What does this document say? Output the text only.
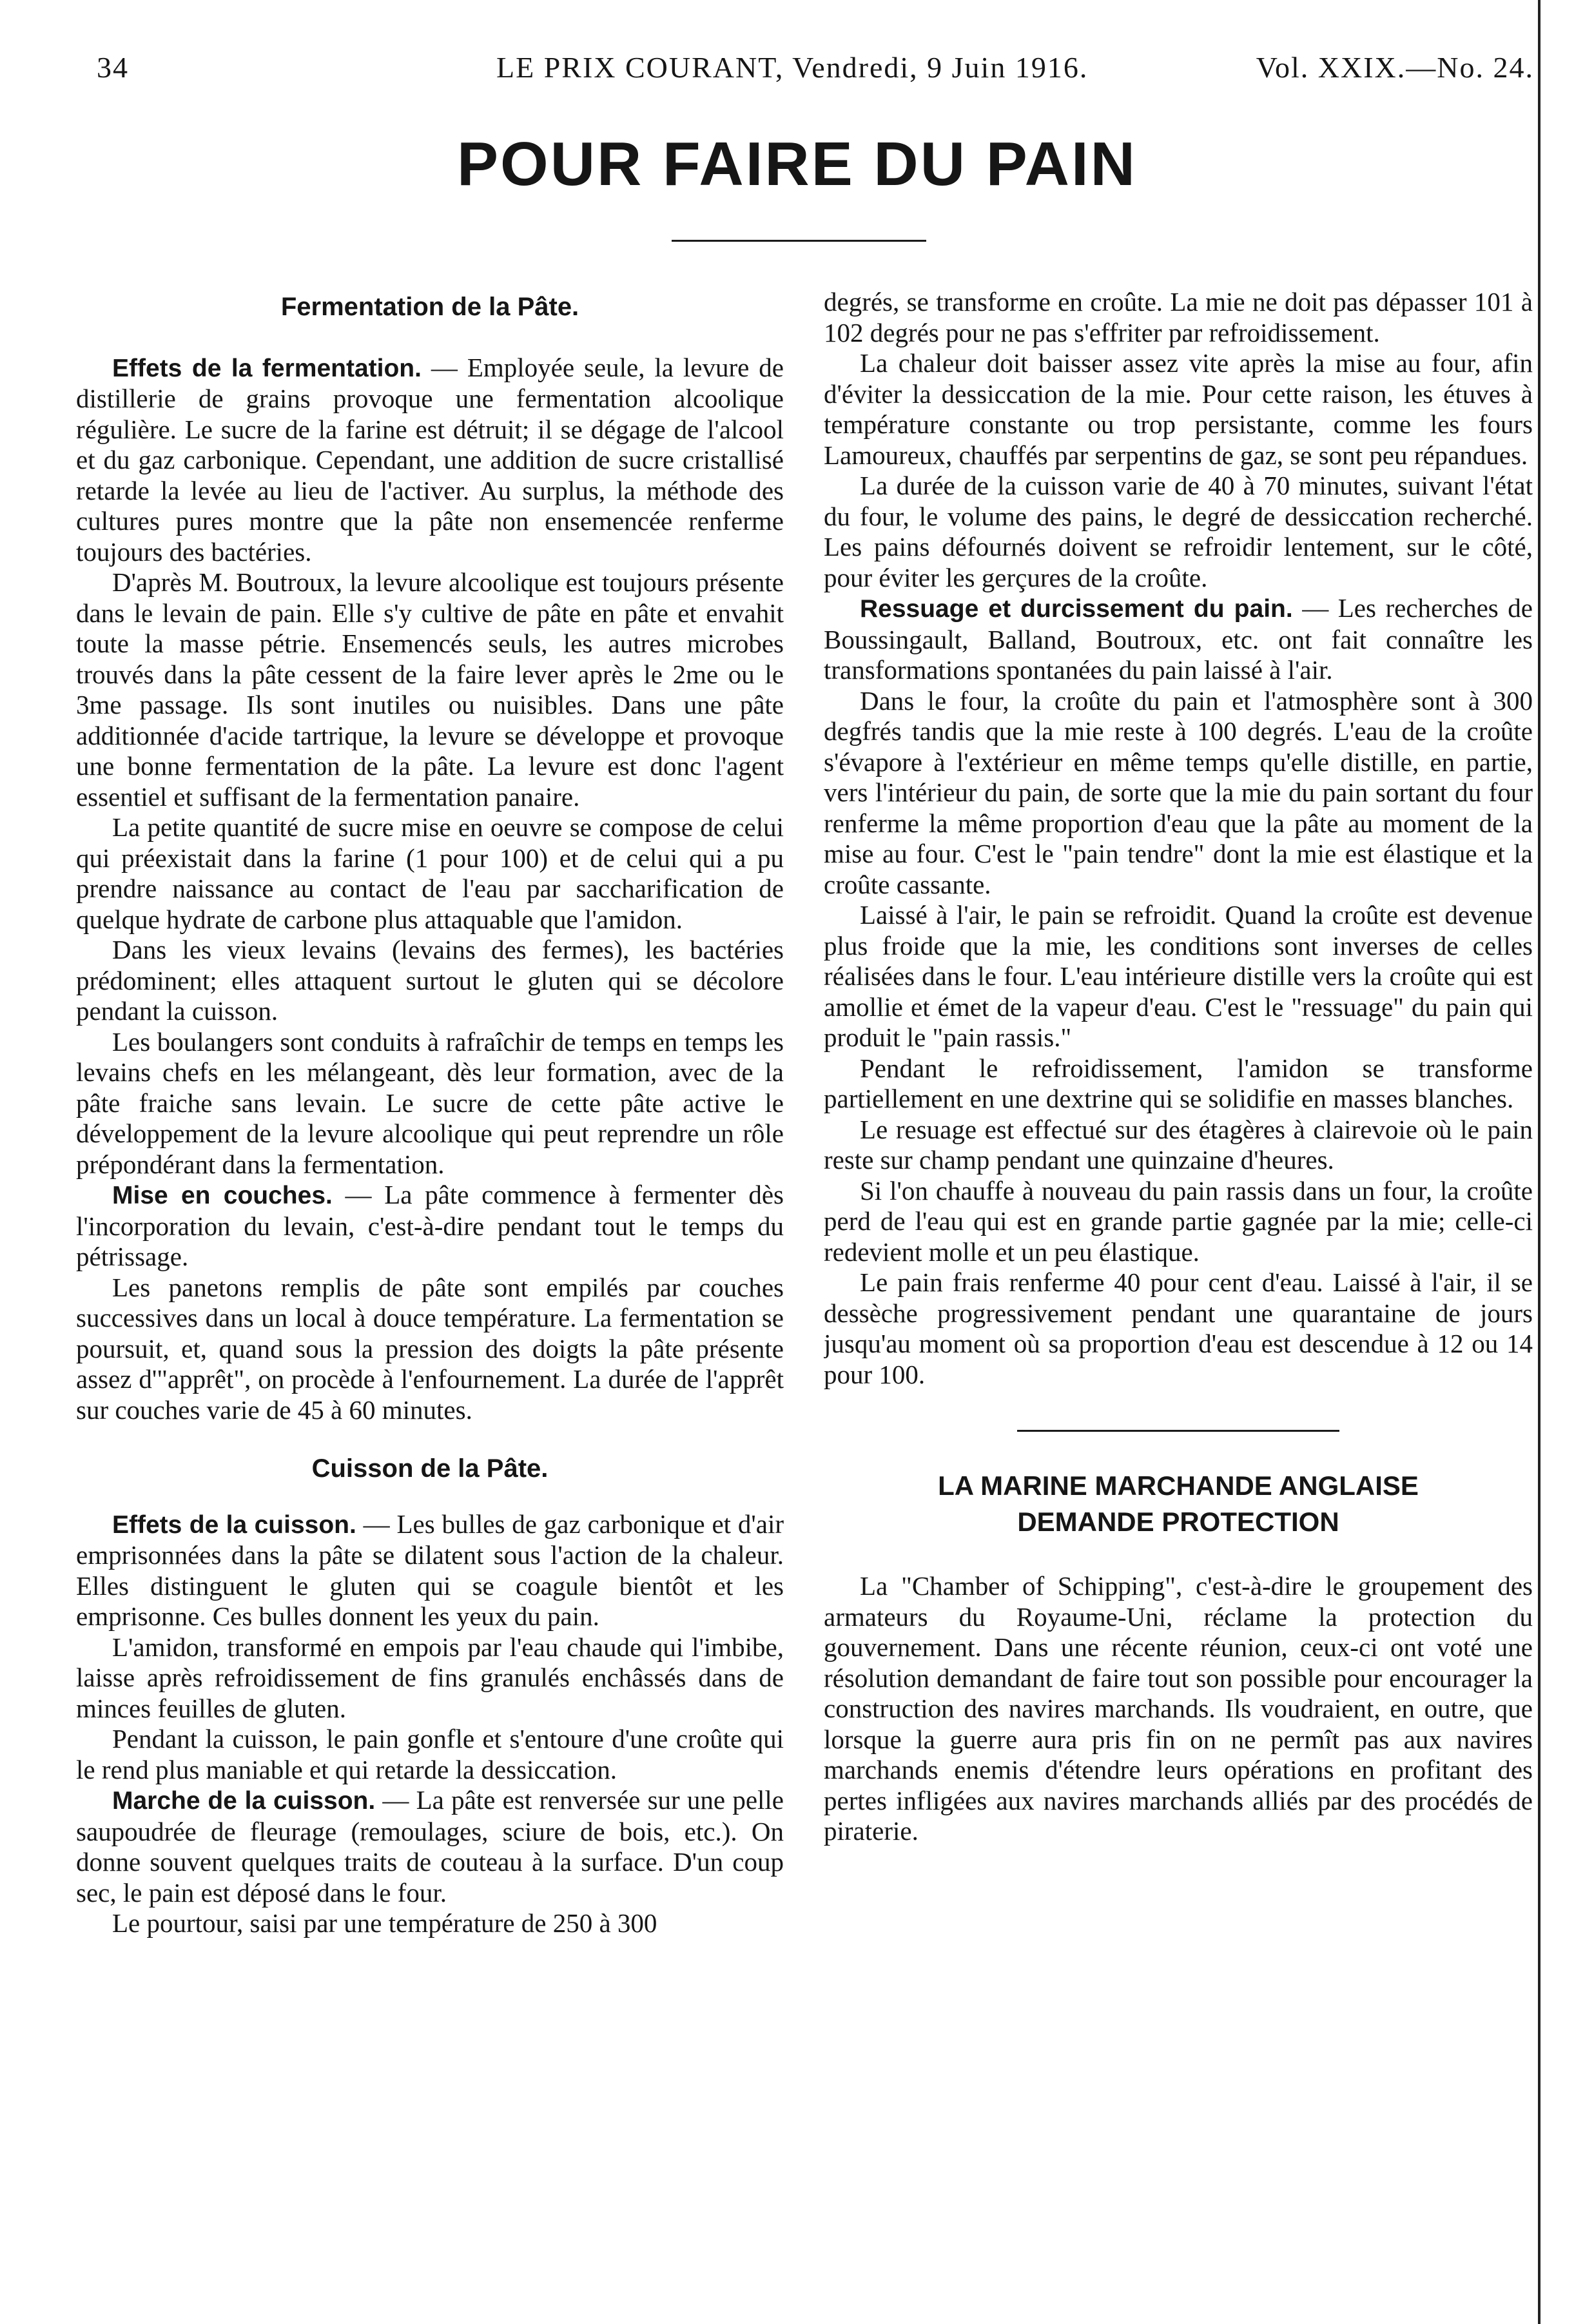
34	LE PRIX COURANT, Vendredi, 9 Juin 1916.	Vol. XXIX.—No. 24.
POUR FAIRE DU PAIN
Fermentation de la Pâte.

Effets de la fermentation. — Employée seule, la levure de distillerie de grains provoque une fermentation alcoolique régulière. Le sucre de la farine est détruit; il se dégage de l'alcool et du gaz carbonique. Cependant, une addition de sucre cristallisé retarde la levée au lieu de l'activer. Au surplus, la méthode des cultures pures montre que la pâte non ensemencée renferme toujours des bactéries.

D'après M. Boutroux, la levure alcoolique est toujours présente dans le levain de pain. Elle s'y cultive de pâte en pâte et envahit toute la masse pétrie. Ensemencés seuls, les autres microbes trouvés dans la pâte cessent de la faire lever après le 2me ou le 3me passage. Ils sont inutiles ou nuisibles. Dans une pâte additionnée d'acide tartrique, la levure se développe et provoque une bonne fermentation de la pâte. La levure est donc l'agent essentiel et suffisant de la fermentation panaire.

La petite quantité de sucre mise en oeuvre se compose de celui qui préexistait dans la farine (1 pour 100) et de celui qui a pu prendre naissance au contact de l'eau par saccharification de quelque hydrate de carbone plus attaquable que l'amidon.

Dans les vieux levains (levains des fermes), les bactéries prédominent; elles attaquent surtout le gluten qui se décolore pendant la cuisson.

Les boulangers sont conduits à rafraîchir de temps en temps les levains chefs en les mélangeant, dès leur formation, avec de la pâte fraiche sans levain. Le sucre de cette pâte active le développement de la levure alcoolique qui peut reprendre un rôle prépondérant dans la fermentation.

Mise en couches. — La pâte commence à fermenter dès l'incorporation du levain, c'est-à-dire pendant tout le temps du pétrissage.

Les panetons remplis de pâte sont empilés par couches successives dans un local à douce température. La fermentation se poursuit, et, quand sous la pression des doigts la pâte présente assez d'"apprêt", on procède à l'enfournement. La durée de l'apprêt sur couches varie de 45 à 60 minutes.

Cuisson de la Pâte.

Effets de la cuisson. — Les bulles de gaz carbonique et d'air emprisonnées dans la pâte se dilatent sous l'action de la chaleur. Elles distinguent le gluten qui se coagule bientôt et les emprisonne. Ces bulles donnent les yeux du pain.

L'amidon, transformé en empois par l'eau chaude qui l'imbibe, laisse après refroidissement de fins granulés enchâssés dans de minces feuilles de gluten.

Pendant la cuisson, le pain gonfle et s'entoure d'une croûte qui le rend plus maniable et qui retarde la dessiccation.

Marche de la cuisson. — La pâte est renversée sur une pelle saupoudrée de fleurage (remoulages, sciure de bois, etc.). On donne souvent quelques traits de couteau à la surface. D'un coup sec, le pain est déposé dans le four.

Le pourtour, saisi par une température de 250 à 300

degrés, se transforme en croûte. La mie ne doit pas dépasser 101 à 102 degrés pour ne pas s'effriter par refroidissement.

La chaleur doit baisser assez vite après la mise au four, afin d'éviter la dessiccation de la mie. Pour cette raison, les étuves à température constante ou trop persistante, comme les fours Lamoureux, chauffés par serpentins de gaz, se sont peu répandues.

La durée de la cuisson varie de 40 à 70 minutes, suivant l'état du four, le volume des pains, le degré de dessiccation recherché. Les pains défournés doivent se refroidir lentement, sur le côté, pour éviter les gerçures de la croûte.

Ressuage et durcissement du pain. — Les recherches de Boussingault, Balland, Boutroux, etc. ont fait connaître les transformations spontanées du pain laissé à l'air.

Dans le four, la croûte du pain et l'atmosphère sont à 300 degfrés tandis que la mie reste à 100 degrés. L'eau de la croûte s'évapore à l'extérieur en même temps qu'elle distille, en partie, vers l'intérieur du pain, de sorte que la mie du pain sortant du four renferme la même proportion d'eau que la pâte au moment de la mise au four. C'est le "pain tendre" dont la mie est élastique et la croûte cassante.

Laissé à l'air, le pain se refroidit. Quand la croûte est devenue plus froide que la mie, les conditions sont inverses de celles réalisées dans le four. L'eau intérieure distille vers la croûte qui est amollie et émet de la vapeur d'eau. C'est le "ressuage" du pain qui produit le "pain rassis."

Pendant le refroidissement, l'amidon se transforme partiellement en une dextrine qui se solidifie en masses blanches.

Le resuage est effectué sur des étagères à clairevoie où le pain reste sur champ pendant une quinzaine d'heures.

Si l'on chauffe à nouveau du pain rassis dans un four, la croûte perd de l'eau qui est en grande partie gagnée par la mie; celle-ci redevient molle et un peu élastique.

Le pain frais renferme 40 pour cent d'eau. Laissé à l'air, il se dessèche progressivement pendant une quarantaine de jours jusqu'au moment où sa proportion d'eau est descendue à 12 ou 14 pour 100.

LA MARINE MARCHANDE ANGLAISE
DEMANDE PROTECTION

La "Chamber of Schipping", c'est-à-dire le groupement des armateurs du Royaume-Uni, réclame la protection du gouvernement. Dans une récente réunion, ceux-ci ont voté une résolution demandant de faire tout son possible pour encourager la construction des navires marchands. Ils voudraient, en outre, que lorsque la guerre aura pris fin on ne permît pas aux navires marchands enemis d'étendre leurs opérations en profitant des pertes infligées aux navires marchands alliés par des procédés de piraterie.
